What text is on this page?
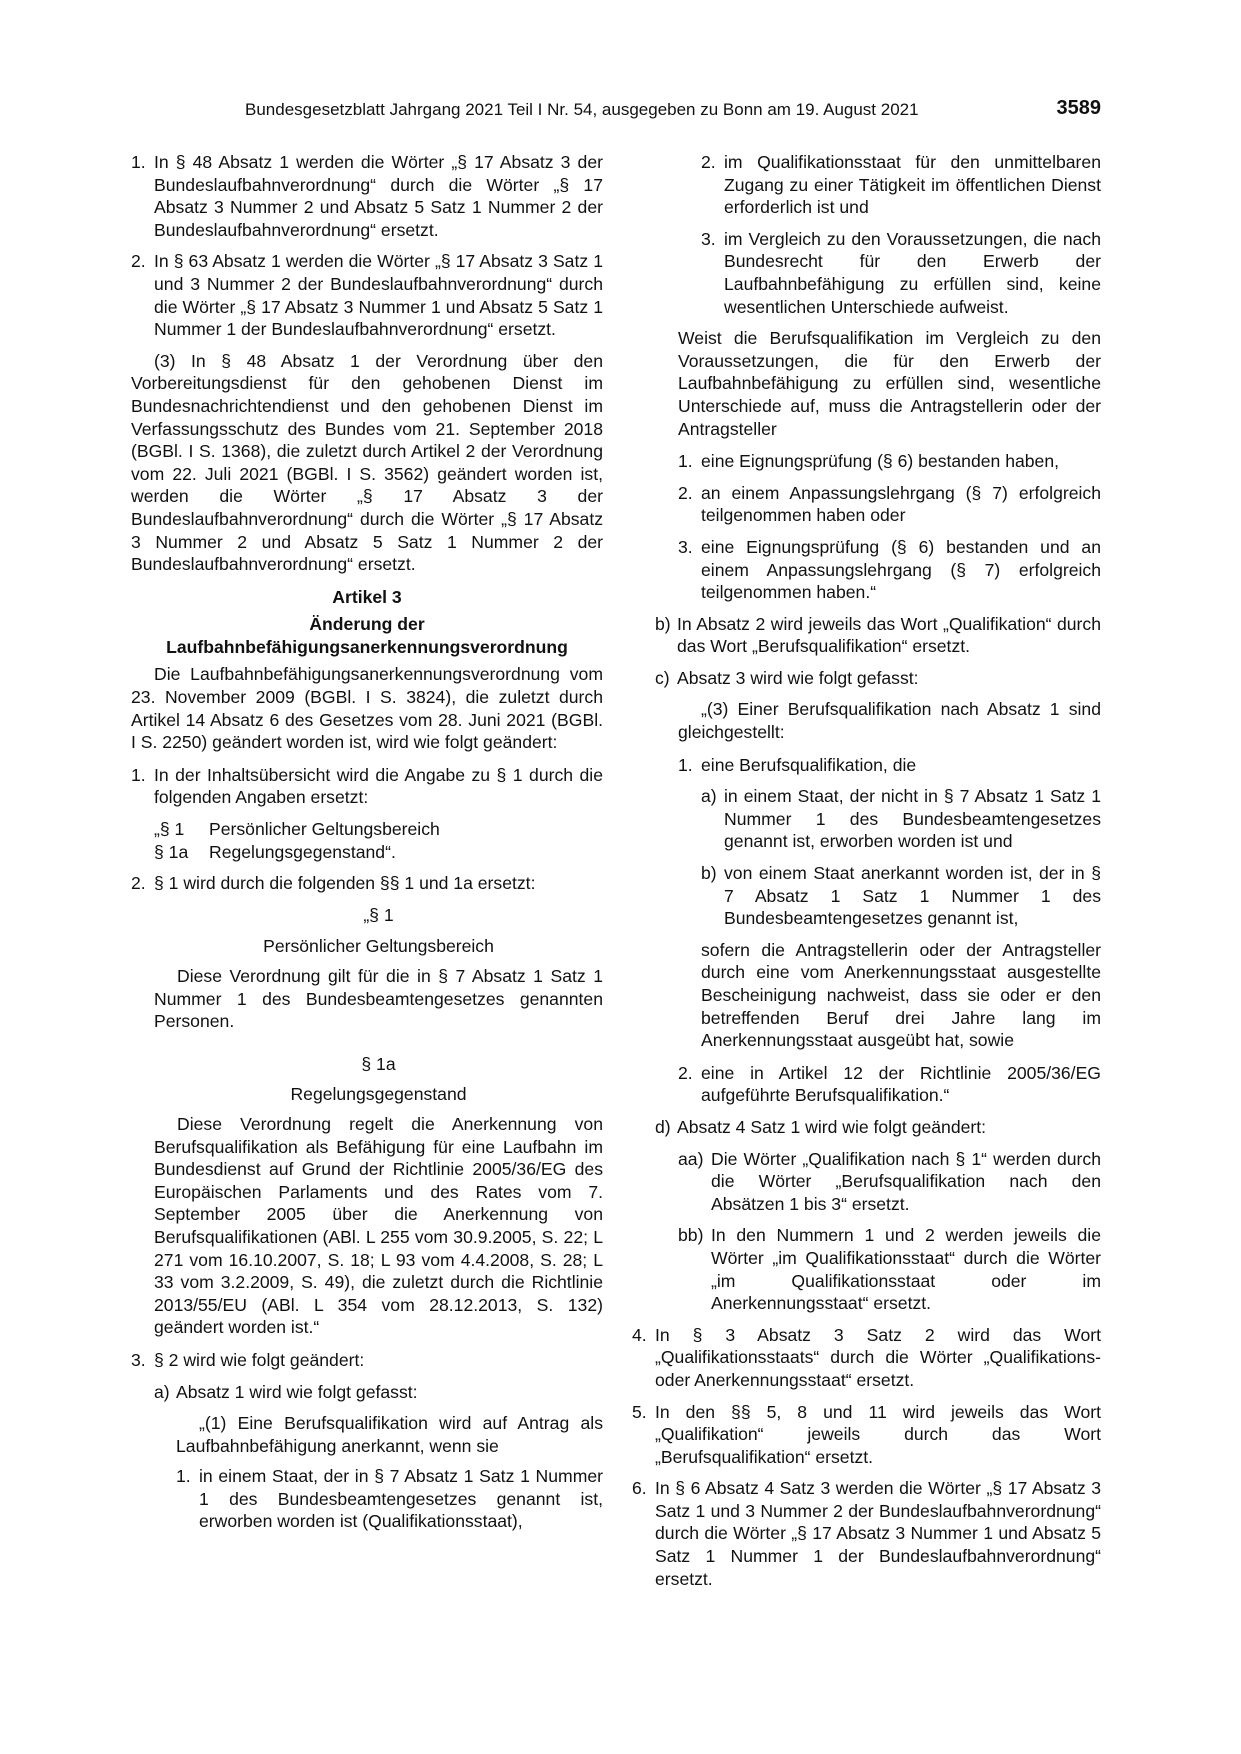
Bundesgesetzblatt Jahrgang 2021 Teil I Nr. 54, ausgegeben zu Bonn am 19. August 2021	3589
1. In § 48 Absatz 1 werden die Wörter „§ 17 Absatz 3 der Bundeslaufbahnverordnung“ durch die Wörter „§ 17 Absatz 3 Nummer 2 und Absatz 5 Satz 1 Nummer 2 der Bundeslaufbahnverordnung“ ersetzt.
2. In § 63 Absatz 1 werden die Wörter „§ 17 Absatz 3 Satz 1 und 3 Nummer 2 der Bundeslaufbahnverordnung“ durch die Wörter „§ 17 Absatz 3 Nummer 1 und Absatz 5 Satz 1 Nummer 1 der Bundeslaufbahnverordnung“ ersetzt.

(3) In § 48 Absatz 1 der Verordnung über den Vorbereitungsdienst für den gehobenen Dienst im Bundesnachrichtendienst und den gehobenen Dienst im Verfassungsschutz des Bundes vom 21. September 2018 (BGBl. I S. 1368), die zuletzt durch Artikel 2 der Verordnung vom 22. Juli 2021 (BGBl. I S. 3562) geändert worden ist, werden die Wörter „§ 17 Absatz 3 der Bundeslaufbahnverordnung“ durch die Wörter „§ 17 Absatz 3 Nummer 2 und Absatz 5 Satz 1 Nummer 2 der Bundeslaufbahnverordnung“ ersetzt.

Artikel 3

Änderung der

Laufbahnbefähigungsanerkennungsverordnung

Die Laufbahnbefähigungsanerkennungsverordnung vom 23. November 2009 (BGBl. I S. 3824), die zuletzt durch Artikel 14 Absatz 6 des Gesetzes vom 28. Juni 2021 (BGBl. I S. 2250) geändert worden ist, wird wie folgt geändert:

1. In der Inhaltsübersicht wird die Angabe zu § 1 durch die folgenden Angaben ersetzt:
„§ 1	Persönlicher Geltungsbereich
§ 1a	Regelungsgegenstand“.
2. § 1 wird durch die folgenden §§ 1 und 1a ersetzt:

„§ 1

Persönlicher Geltungsbereich

Diese Verordnung gilt für die in § 7 Absatz 1 Satz 1 Nummer 1 des Bundesbeamtengesetzes genannten Personen.

§ 1a

Regelungsgegenstand

Diese Verordnung regelt die Anerkennung von Berufsqualifikation als Befähigung für eine Laufbahn im Bundesdienst auf Grund der Richtlinie 2005/36/EG des Europäischen Parlaments und des Rates vom 7. September 2005 über die Anerkennung von Berufsqualifikationen (ABl. L 255 vom 30.9.2005, S. 22; L 271 vom 16.10.2007, S. 18; L 93 vom 4.4.2008, S. 28; L 33 vom 3.2.2009, S. 49), die zuletzt durch die Richtlinie 2013/55/EU (ABl. L 354 vom 28.12.2013, S. 132) geändert worden ist.“

3. § 2 wird wie folgt geändert:
a) Absatz 1 wird wie folgt gefasst:

„(1) Eine Berufsqualifikation wird auf Antrag als Laufbahnbefähigung anerkannt, wenn sie

1. in einem Staat, der in § 7 Absatz 1 Satz 1 Nummer 1 des Bundesbeamtengesetzes genannt ist, erworben worden ist (Qualifikationsstaat),
2. im Qualifikationsstaat für den unmittelbaren Zugang zu einer Tätigkeit im öffentlichen Dienst erforderlich ist und
3. im Vergleich zu den Voraussetzungen, die nach Bundesrecht für den Erwerb der Laufbahnbefähigung zu erfüllen sind, keine wesentlichen Unterschiede aufweist.

Weist die Berufsqualifikation im Vergleich zu den Voraussetzungen, die für den Erwerb der Laufbahnbefähigung zu erfüllen sind, wesentliche Unterschiede auf, muss die Antragstellerin oder der Antragsteller

1. eine Eignungsprüfung (§ 6) bestanden haben,
2. an einem Anpassungslehrgang (§ 7) erfolgreich teilgenommen haben oder
3. eine Eignungsprüfung (§ 6) bestanden und an einem Anpassungslehrgang (§ 7) erfolgreich teilgenommen haben.“
b) In Absatz 2 wird jeweils das Wort „Qualifikation“ durch das Wort „Berufsqualifikation“ ersetzt.
c) Absatz 3 wird wie folgt gefasst:

„(3) Einer Berufsqualifikation nach Absatz 1 sind gleichgestellt:

1. eine Berufsqualifikation, die
a) in einem Staat, der nicht in § 7 Absatz 1 Satz 1 Nummer 1 des Bundesbeamtengesetzes genannt ist, erworben worden ist und
b) von einem Staat anerkannt worden ist, der in § 7 Absatz 1 Satz 1 Nummer 1 des Bundesbeamtengesetzes genannt ist,

sofern die Antragstellerin oder der Antragsteller durch eine vom Anerkennungsstaat ausgestellte Bescheinigung nachweist, dass sie oder er den betreffenden Beruf drei Jahre lang im Anerkennungsstaat ausgeübt hat, sowie

2. eine in Artikel 12 der Richtlinie 2005/36/EG aufgeführte Berufsqualifikation.“
d) Absatz 4 Satz 1 wird wie folgt geändert:
aa) Die Wörter „Qualifikation nach § 1“ werden durch die Wörter „Berufsqualifikation nach den Absätzen 1 bis 3“ ersetzt.
bb) In den Nummern 1 und 2 werden jeweils die Wörter „im Qualifikationsstaat“ durch die Wörter „im Qualifikationsstaat oder im Anerkennungsstaat“ ersetzt.
4. In § 3 Absatz 3 Satz 2 wird das Wort „Qualifikationsstaats“ durch die Wörter „Qualifikations- oder Anerkennungsstaat“ ersetzt.
5. In den §§ 5, 8 und 11 wird jeweils das Wort „Qualifikation“ jeweils durch das Wort „Berufsqualifikation“ ersetzt.
6. In § 6 Absatz 4 Satz 3 werden die Wörter „§ 17 Absatz 3 Satz 1 und 3 Nummer 2 der Bundeslaufbahnverordnung“ durch die Wörter „§ 17 Absatz 3 Nummer 1 und Absatz 5 Satz 1 Nummer 1 der Bundeslaufbahnverordnung“ ersetzt.
